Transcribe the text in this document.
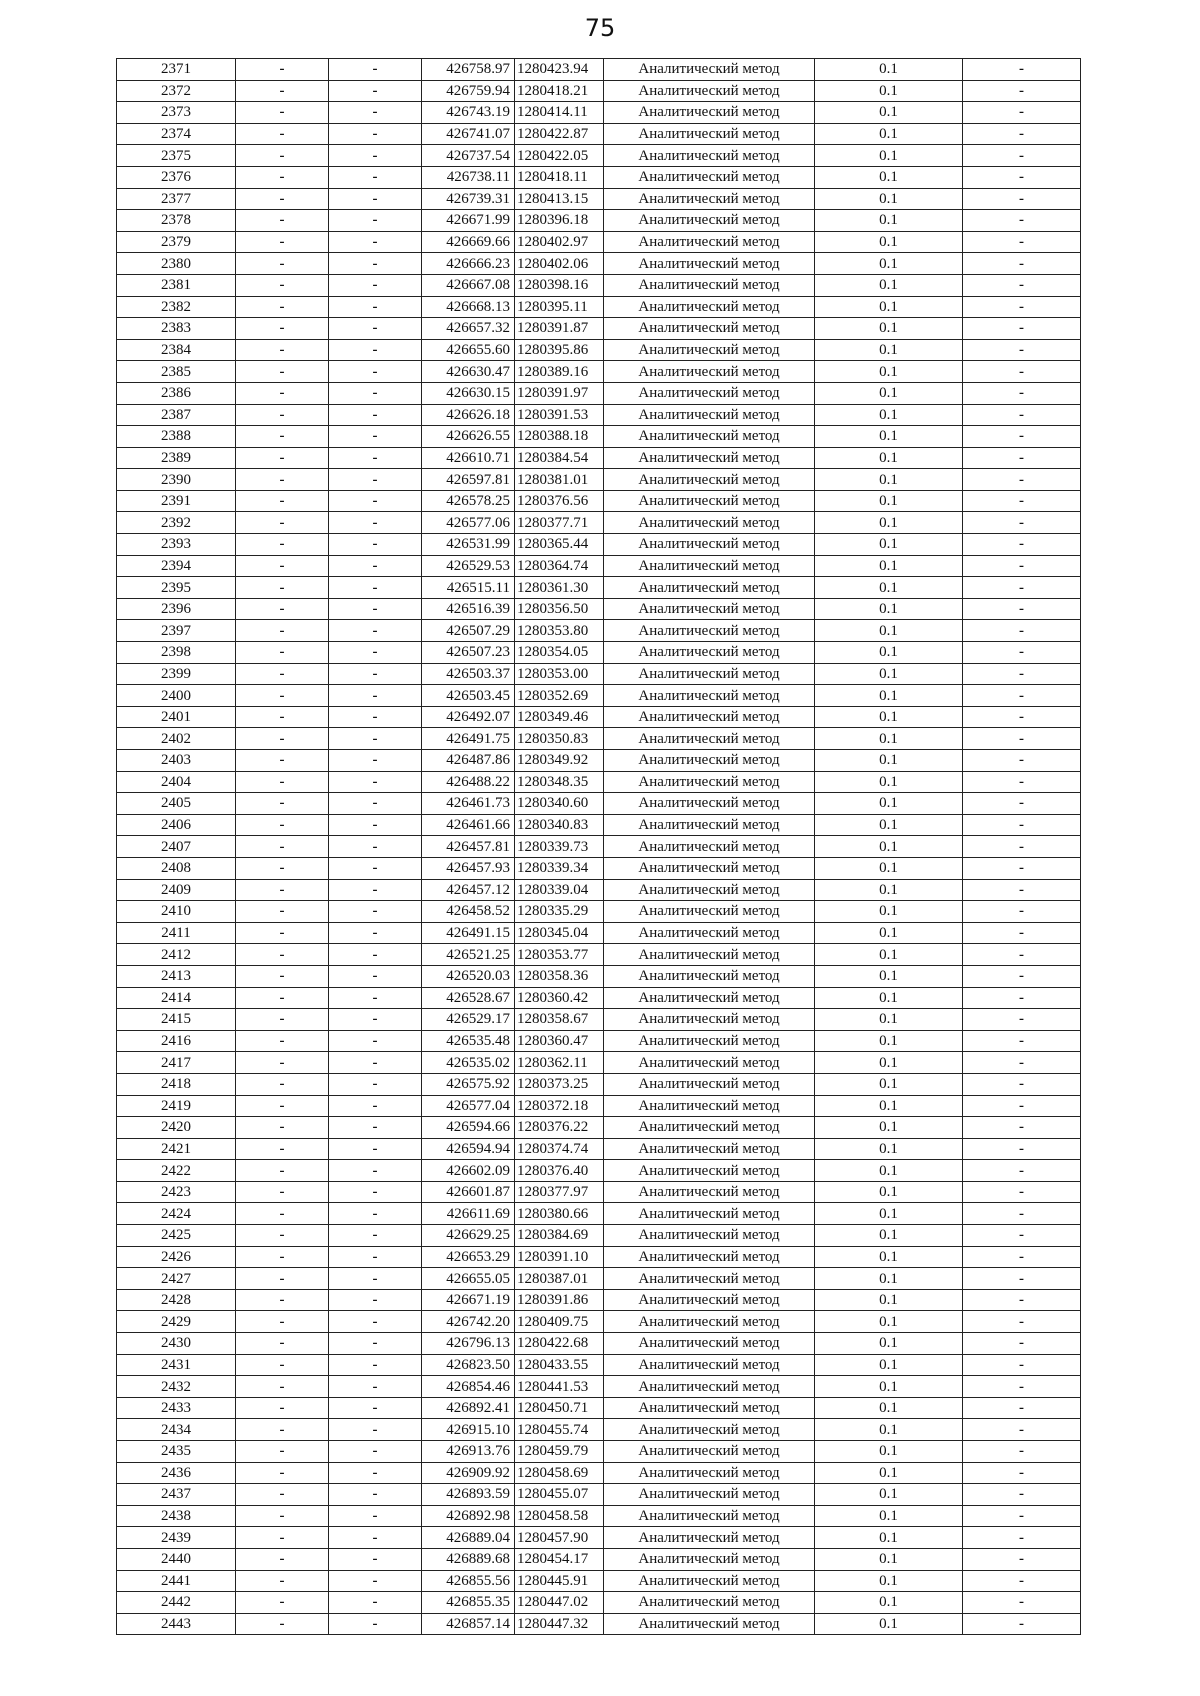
75
2371	-	-	426758.97	1280423.94	Аналитический метод	0.1	-
2372	-	-	426759.94	1280418.21	Аналитический метод	0.1	-
2373	-	-	426743.19	1280414.11	Аналитический метод	0.1	-
2374	-	-	426741.07	1280422.87	Аналитический метод	0.1	-
2375	-	-	426737.54	1280422.05	Аналитический метод	0.1	-
2376	-	-	426738.11	1280418.11	Аналитический метод	0.1	-
2377	-	-	426739.31	1280413.15	Аналитический метод	0.1	-
2378	-	-	426671.99	1280396.18	Аналитический метод	0.1	-
2379	-	-	426669.66	1280402.97	Аналитический метод	0.1	-
2380	-	-	426666.23	1280402.06	Аналитический метод	0.1	-
2381	-	-	426667.08	1280398.16	Аналитический метод	0.1	-
2382	-	-	426668.13	1280395.11	Аналитический метод	0.1	-
2383	-	-	426657.32	1280391.87	Аналитический метод	0.1	-
2384	-	-	426655.60	1280395.86	Аналитический метод	0.1	-
2385	-	-	426630.47	1280389.16	Аналитический метод	0.1	-
2386	-	-	426630.15	1280391.97	Аналитический метод	0.1	-
2387	-	-	426626.18	1280391.53	Аналитический метод	0.1	-
2388	-	-	426626.55	1280388.18	Аналитический метод	0.1	-
2389	-	-	426610.71	1280384.54	Аналитический метод	0.1	-
2390	-	-	426597.81	1280381.01	Аналитический метод	0.1	-
2391	-	-	426578.25	1280376.56	Аналитический метод	0.1	-
2392	-	-	426577.06	1280377.71	Аналитический метод	0.1	-
2393	-	-	426531.99	1280365.44	Аналитический метод	0.1	-
2394	-	-	426529.53	1280364.74	Аналитический метод	0.1	-
2395	-	-	426515.11	1280361.30	Аналитический метод	0.1	-
2396	-	-	426516.39	1280356.50	Аналитический метод	0.1	-
2397	-	-	426507.29	1280353.80	Аналитический метод	0.1	-
2398	-	-	426507.23	1280354.05	Аналитический метод	0.1	-
2399	-	-	426503.37	1280353.00	Аналитический метод	0.1	-
2400	-	-	426503.45	1280352.69	Аналитический метод	0.1	-
2401	-	-	426492.07	1280349.46	Аналитический метод	0.1	-
2402	-	-	426491.75	1280350.83	Аналитический метод	0.1	-
2403	-	-	426487.86	1280349.92	Аналитический метод	0.1	-
2404	-	-	426488.22	1280348.35	Аналитический метод	0.1	-
2405	-	-	426461.73	1280340.60	Аналитический метод	0.1	-
2406	-	-	426461.66	1280340.83	Аналитический метод	0.1	-
2407	-	-	426457.81	1280339.73	Аналитический метод	0.1	-
2408	-	-	426457.93	1280339.34	Аналитический метод	0.1	-
2409	-	-	426457.12	1280339.04	Аналитический метод	0.1	-
2410	-	-	426458.52	1280335.29	Аналитический метод	0.1	-
2411	-	-	426491.15	1280345.04	Аналитический метод	0.1	-
2412	-	-	426521.25	1280353.77	Аналитический метод	0.1	-
2413	-	-	426520.03	1280358.36	Аналитический метод	0.1	-
2414	-	-	426528.67	1280360.42	Аналитический метод	0.1	-
2415	-	-	426529.17	1280358.67	Аналитический метод	0.1	-
2416	-	-	426535.48	1280360.47	Аналитический метод	0.1	-
2417	-	-	426535.02	1280362.11	Аналитический метод	0.1	-
2418	-	-	426575.92	1280373.25	Аналитический метод	0.1	-
2419	-	-	426577.04	1280372.18	Аналитический метод	0.1	-
2420	-	-	426594.66	1280376.22	Аналитический метод	0.1	-
2421	-	-	426594.94	1280374.74	Аналитический метод	0.1	-
2422	-	-	426602.09	1280376.40	Аналитический метод	0.1	-
2423	-	-	426601.87	1280377.97	Аналитический метод	0.1	-
2424	-	-	426611.69	1280380.66	Аналитический метод	0.1	-
2425	-	-	426629.25	1280384.69	Аналитический метод	0.1	-
2426	-	-	426653.29	1280391.10	Аналитический метод	0.1	-
2427	-	-	426655.05	1280387.01	Аналитический метод	0.1	-
2428	-	-	426671.19	1280391.86	Аналитический метод	0.1	-
2429	-	-	426742.20	1280409.75	Аналитический метод	0.1	-
2430	-	-	426796.13	1280422.68	Аналитический метод	0.1	-
2431	-	-	426823.50	1280433.55	Аналитический метод	0.1	-
2432	-	-	426854.46	1280441.53	Аналитический метод	0.1	-
2433	-	-	426892.41	1280450.71	Аналитический метод	0.1	-
2434	-	-	426915.10	1280455.74	Аналитический метод	0.1	-
2435	-	-	426913.76	1280459.79	Аналитический метод	0.1	-
2436	-	-	426909.92	1280458.69	Аналитический метод	0.1	-
2437	-	-	426893.59	1280455.07	Аналитический метод	0.1	-
2438	-	-	426892.98	1280458.58	Аналитический метод	0.1	-
2439	-	-	426889.04	1280457.90	Аналитический метод	0.1	-
2440	-	-	426889.68	1280454.17	Аналитический метод	0.1	-
2441	-	-	426855.56	1280445.91	Аналитический метод	0.1	-
2442	-	-	426855.35	1280447.02	Аналитический метод	0.1	-
2443	-	-	426857.14	1280447.32	Аналитический метод	0.1	-
